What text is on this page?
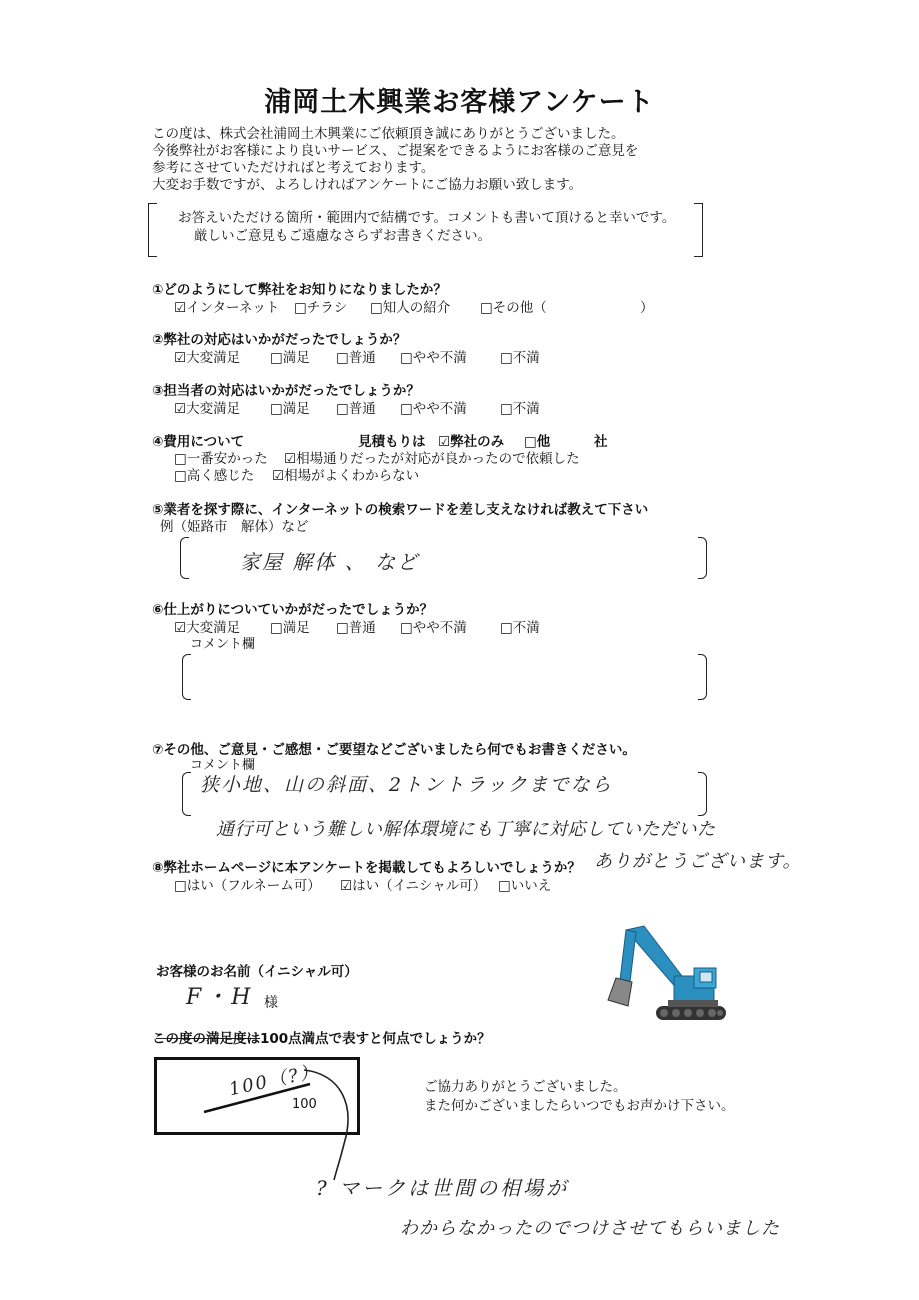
浦岡土木興業お客様アンケート
この度は、株式会社浦岡土木興業にご依頼頂き誠にありがとうございました。
今後弊社がお客様により良いサービス、ご提案をできるようにお客様のご意見を
参考にさせていただければと考えております。
大変お手数ですが、よろしければアンケートにご協力お願い致します。
お答えいただける箇所・範囲内で結構です。コメントも書いて頂けると幸いです。
厳しいご意見もご遠慮なさらずお書きください。
①どのようにして弊社をお知りになりましたか？
☑インターネット □チラシ □知人の紹介 □その他（	）
②弊社の対応はいかがだったでしょうか？
☑大変満足 □満足 □普通 □やや不満 □不満
③担当者の対応はいかがだったでしょうか？
☑大変満足 □満足 □普通 □やや不満 □不満
④費用について	見積もりは ☑弊社のみ □他	社
□一番安かった ☑相場通りだったが対応が良かったので依頼した
□高く感じた ☑相場がよくわからない
⑤業者を探す際に、インターネットの検索ワードを差し支えなければ教えて下さい
例（姫路市　解体）など
家屋 解体 、 など
⑥仕上がりについていかがだったでしょうか？
☑大変満足 □満足 □普通 □やや不満 □不満
コメント欄
⑦その他、ご意見・ご感想・ご要望などございましたら何でもお書きください。
コメント欄
狭小地、山の斜面、2トントラックまでなら
通行可という難しい解体環境にも丁寧に対応していただいた
ありがとうございます。
⑧弊社ホームページに本アンケートを掲載してもよろしいでしょうか？
□はい（フルネーム可） ☑はい（イニシャル可） □いいえ
お客様のお名前（イニシャル可）
F・H 様
この度の満足度は100点満点で表すと何点でしょうか？
100（?）
100
ご協力ありがとうございました。
また何かございましたらいつでもお声かけ下さい。
? マークは世間の相場が
わからなかったのでつけさせてもらいました
